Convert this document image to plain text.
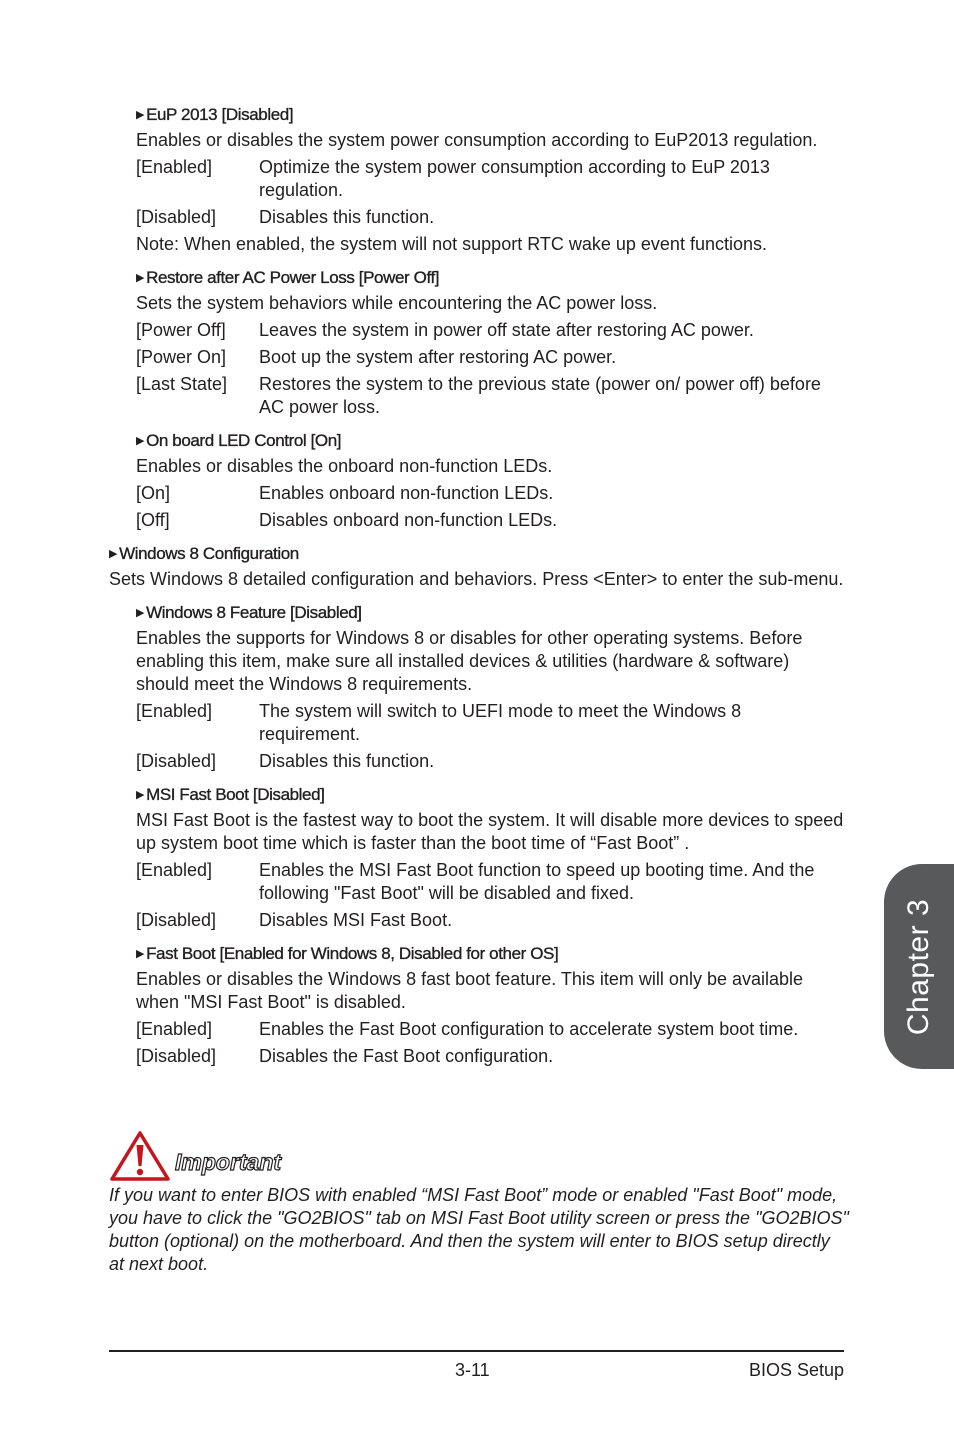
▶ EuP 2013 [Disabled]
Enables or disables the system power consumption according to EuP2013 regulation.
[Enabled]	Optimize the system power consumption according to EuP 2013 regulation.
[Disabled]	Disables this function.
Note: When enabled, the system will not support RTC wake up event functions.
▶ Restore after AC Power Loss [Power Off]
Sets the system behaviors while encountering the AC power loss.
[Power Off]	Leaves the system in power off state after restoring AC power.
[Power On]	Boot up the system after restoring AC power.
[Last State]	Restores the system to the previous state (power on/ power off) before AC power loss.
▶ On board LED Control [On]
Enables or disables the onboard non-function LEDs.
[On]	Enables onboard non-function LEDs.
[Off]	Disables onboard non-function LEDs.
▶ Windows 8 Configuration
Sets Windows 8 detailed configuration and behaviors. Press <Enter> to enter the sub-menu.
▶ Windows 8 Feature [Disabled]
Enables the supports for Windows 8 or disables for other operating systems. Before enabling this item, make sure all installed devices & utilities (hardware & software) should meet the Windows 8 requirements.
[Enabled]	The system will switch to UEFI mode to meet the Windows 8 requirement.
[Disabled]	Disables this function.
▶ MSI Fast Boot [Disabled]
MSI Fast Boot is the fastest way to boot the system. It will disable more devices to speed up system boot time which is faster than the boot time of “Fast Boot” .
[Enabled]	Enables the MSI Fast Boot function to speed up booting time. And the following "Fast Boot" will be disabled and fixed.
[Disabled]	Disables MSI Fast Boot.
▶ Fast Boot [Enabled for Windows 8, Disabled for other OS]
Enables or disables the Windows 8 fast boot feature. This item will only be available when "MSI Fast Boot" is disabled.
[Enabled]	Enables the Fast Boot configuration to accelerate system boot time.
[Disabled]	Disables the Fast Boot configuration.
Important
If you want to enter BIOS with enabled “MSI Fast Boot” mode or enabled "Fast Boot" mode, you have to click the "GO2BIOS" tab on MSI Fast Boot utility screen or press the "GO2BIOS" button (optional) on the motherboard. And then the system will enter to BIOS setup directly at next boot.
3-11	BIOS Setup
Chapter 3
